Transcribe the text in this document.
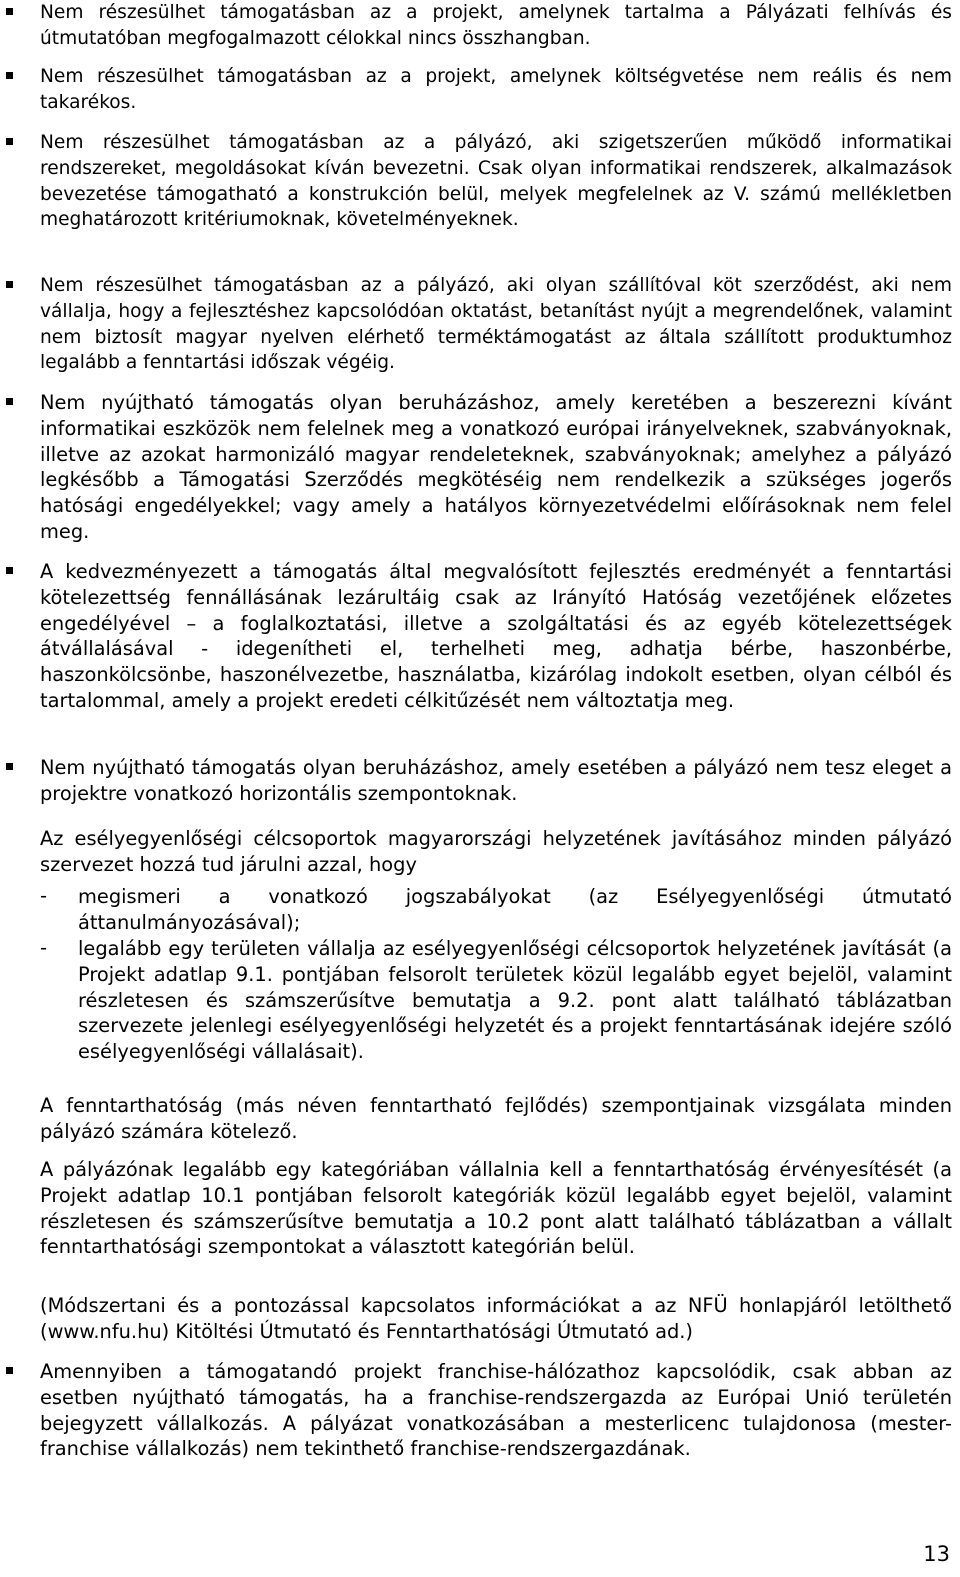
Nem részesülhet támogatásban az a projekt, amelynek tartalma a Pályázati felhívás és útmutatóban megfogalmazott célokkal nincs összhangban.

Nem részesülhet támogatásban az a projekt, amelynek költségvetése nem reális és nem takarékos.

Nem részesülhet támogatásban az a pályázó, aki szigetszerűen működő informatikai rendszereket, megoldásokat kíván bevezetni. Csak olyan informatikai rendszerek, alkalmazások bevezetése támogatható a konstrukción belül, melyek megfelelnek az V. számú mellékletben meghatározott kritériumoknak, követelményeknek.

Nem részesülhet támogatásban az a pályázó, aki olyan szállítóval köt szerződést, aki nem vállalja, hogy a fejlesztéshez kapcsolódóan oktatást, betanítást nyújt a megrendelőnek, valamint nem biztosít magyar nyelven elérhető terméktámogatást az általa szállított produktumhoz legalább a fenntartási időszak végéig.

Nem nyújtható támogatás olyan beruházáshoz, amely keretében a beszerezni kívánt informatikai eszközök nem felelnek meg a vonatkozó európai irányelveknek, szabványoknak, illetve az azokat harmonizáló magyar rendeleteknek, szabványoknak; amelyhez a pályázó legkésőbb a Támogatási Szerződés megkötéséig nem rendelkezik a szükséges jogerős hatósági engedélyekkel; vagy amely a hatályos környezetvédelmi előírásoknak nem felel meg.

A kedvezményezett a támogatás által megvalósított fejlesztés eredményét a fenntartási kötelezettség fennállásának lezárultáig csak az Irányító Hatóság vezetőjének előzetes engedélyével – a foglalkoztatási, illetve a szolgáltatási és az egyéb kötelezettségek átvállalásával - idegenítheti el, terhelheti meg, adhatja bérbe, haszonbérbe, haszonkölcsönbe, haszonélvezetbe, használatba, kizárólag indokolt esetben, olyan célból és tartalommal, amely a projekt eredeti célkitűzését nem változtatja meg.

Nem nyújtható támogatás olyan beruházáshoz, amely esetében a pályázó nem tesz eleget a projektre vonatkozó horizontális szempontoknak.

Az esélyegyenlőségi célcsoportok magyarországi helyzetének javításához minden pályázó szervezet hozzá tud járulni azzal, hogy

- megismeri a vonatkozó jogszabályokat (az Esélyegyenlőségi útmutató áttanulmányozásával);

- legalább egy területen vállalja az esélyegyenlőségi célcsoportok helyzetének javítását (a Projekt adatlap 9.1. pontjában felsorolt területek közül legalább egyet bejelöl, valamint részletesen és számszerűsítve bemutatja a 9.2. pont alatt található táblázatban szervezete jelenlegi esélyegyenlőségi helyzetét és a projekt fenntartásának idejére szóló esélyegyenlőségi vállalásait).

A fenntarthatóság (más néven fenntartható fejlődés) szempontjainak vizsgálata minden pályázó számára kötelező.

A pályázónak legalább egy kategóriában vállalnia kell a fenntarthatóság érvényesítését (a Projekt adatlap 10.1 pontjában felsorolt kategóriák közül legalább egyet bejelöl, valamint részletesen és számszerűsítve bemutatja a 10.2 pont alatt található táblázatban a vállalt fenntarthatósági szempontokat a választott kategórián belül.

(Módszertani és a pontozással kapcsolatos információkat a az NFÜ honlapjáról letölthető (www.nfu.hu) Kitöltési Útmutató és Fenntarthatósági Útmutató ad.)

Amennyiben a támogatandó projekt franchise-hálózathoz kapcsolódik, csak abban az esetben nyújtható támogatás, ha a franchise-rendszergazda az Európai Unió területén bejegyzett vállalkozás. A pályázat vonatkozásában a mesterlicenc tulajdonosa (mester-franchise vállalkozás) nem tekinthető franchise-rendszergazdának.

13
